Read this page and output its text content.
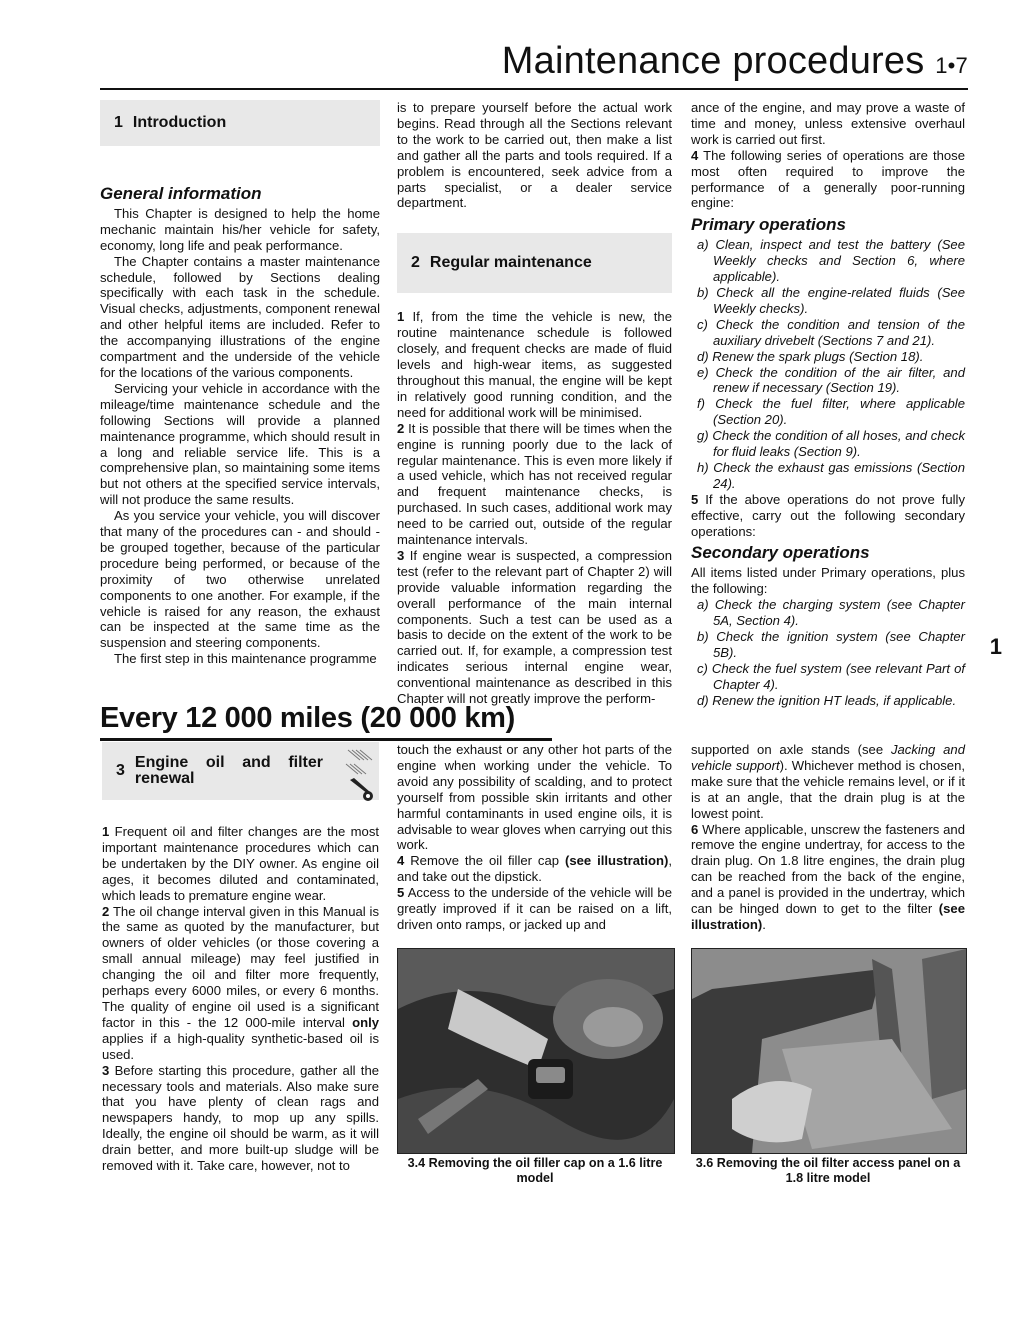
Maintenance procedures 1•7
1 Introduction
General information

This Chapter is designed to help the home mechanic maintain his/her vehicle for safety, economy, long life and peak performance.

The Chapter contains a master maintenance schedule, followed by Sections dealing specifically with each task in the schedule. Visual checks, adjustments, component renewal and other helpful items are included. Refer to the accompanying illustrations of the engine compartment and the underside of the vehicle for the locations of the various components.

Servicing your vehicle in accordance with the mileage/time maintenance schedule and the following Sections will provide a planned maintenance programme, which should result in a long and reliable service life. This is a comprehensive plan, so maintaining some items but not others at the specified service intervals, will not produce the same results.

As you service your vehicle, you will discover that many of the procedures can - and should - be grouped together, because of the particular procedure being performed, or because of the proximity of two otherwise unrelated components to one another. For example, if the vehicle is raised for any reason, the exhaust can be inspected at the same time as the suspension and steering components.

The first step in this maintenance programme

is to prepare yourself before the actual work begins. Read through all the Sections relevant to the work to be carried out, then make a list and gather all the parts and tools required. If a problem is encountered, seek advice from a parts specialist, or a dealer service department.

2 Regular maintenance

1 If, from the time the vehicle is new, the routine maintenance schedule is followed closely, and frequent checks are made of fluid levels and high-wear items, as suggested throughout this manual, the engine will be kept in relatively good running condition, and the need for additional work will be minimised.

2 It is possible that there will be times when the engine is running poorly due to the lack of regular maintenance. This is even more likely if a used vehicle, which has not received regular and frequent maintenance checks, is purchased. In such cases, additional work may need to be carried out, outside of the regular maintenance intervals.

3 If engine wear is suspected, a compression test (refer to the relevant part of Chapter 2) will provide valuable information regarding the overall performance of the main internal components. Such a test can be used as a basis to decide on the extent of the work to be carried out. If, for example, a compression test indicates serious internal engine wear, conventional maintenance as described in this Chapter will not greatly improve the perform-

ance of the engine, and may prove a waste of time and money, unless extensive overhaul work is carried out first.

4 The following series of operations are those most often required to improve the performance of a generally poor-running engine:

Primary operations
a) Clean, inspect and test the battery (See Weekly checks and Section 6, where applicable).
b) Check all the engine-related fluids (See Weekly checks).
c) Check the condition and tension of the auxiliary drivebelt (Sections 7 and 21).
d) Renew the spark plugs (Section 18).
e) Check the condition of the air filter, and renew if necessary (Section 19).
f) Check the fuel filter, where applicable (Section 20).
g) Check the condition of all hoses, and check for fluid leaks (Section 9).
h) Check the exhaust gas emissions (Section 24).

5 If the above operations do not prove fully effective, carry out the following secondary operations:

Secondary operations

All items listed under Primary operations, plus the following:

a) Check the charging system (see Chapter 5A, Section 4).
b) Check the ignition system (see Chapter 5B).
c) Check the fuel system (see relevant Part of Chapter 4).
d) Renew the ignition HT leads, if applicable.
1
Every 12 000 miles (20 000 km)
3 Engine oil and filter renewal

1 Frequent oil and filter changes are the most important maintenance procedures which can be undertaken by the DIY owner. As engine oil ages, it becomes diluted and contaminated, which leads to premature engine wear.

2 The oil change interval given in this Manual is the same as quoted by the manufacturer, but owners of older vehicles (or those covering a small annual mileage) may feel justified in changing the oil and filter more frequently, perhaps every 6000 miles, or every 6 months. The quality of engine oil used is a significant factor in this - the 12 000-mile interval only applies if a high-quality synthetic-based oil is used.

3 Before starting this procedure, gather all the necessary tools and materials. Also make sure that you have plenty of clean rags and newspapers handy, to mop up any spills. Ideally, the engine oil should be warm, as it will drain better, and more built-up sludge will be removed with it. Take care, however, not to

touch the exhaust or any other hot parts of the engine when working under the vehicle. To avoid any possibility of scalding, and to protect yourself from possible skin irritants and other harmful contaminants in used engine oils, it is advisable to wear gloves when carrying out this work.

4 Remove the oil filler cap (see illustration), and take out the dipstick.

5 Access to the underside of the vehicle will be greatly improved if it can be raised on a lift, driven onto ramps, or jacked up and

supported on axle stands (see Jacking and vehicle support). Whichever method is chosen, make sure that the vehicle remains level, or if it is at an angle, that the drain plug is at the lowest point.

6 Where applicable, unscrew the fasteners and remove the engine undertray, for access to the drain plug. On 1.8 litre engines, the drain plug can be reached from the back of the engine, and a panel is provided in the undertray, which can be hinged down to get to the filter (see illustration).

3.4 Removing the oil filler cap on a 1.6 litre model
3.6 Removing the oil filter access panel on a 1.8 litre model
